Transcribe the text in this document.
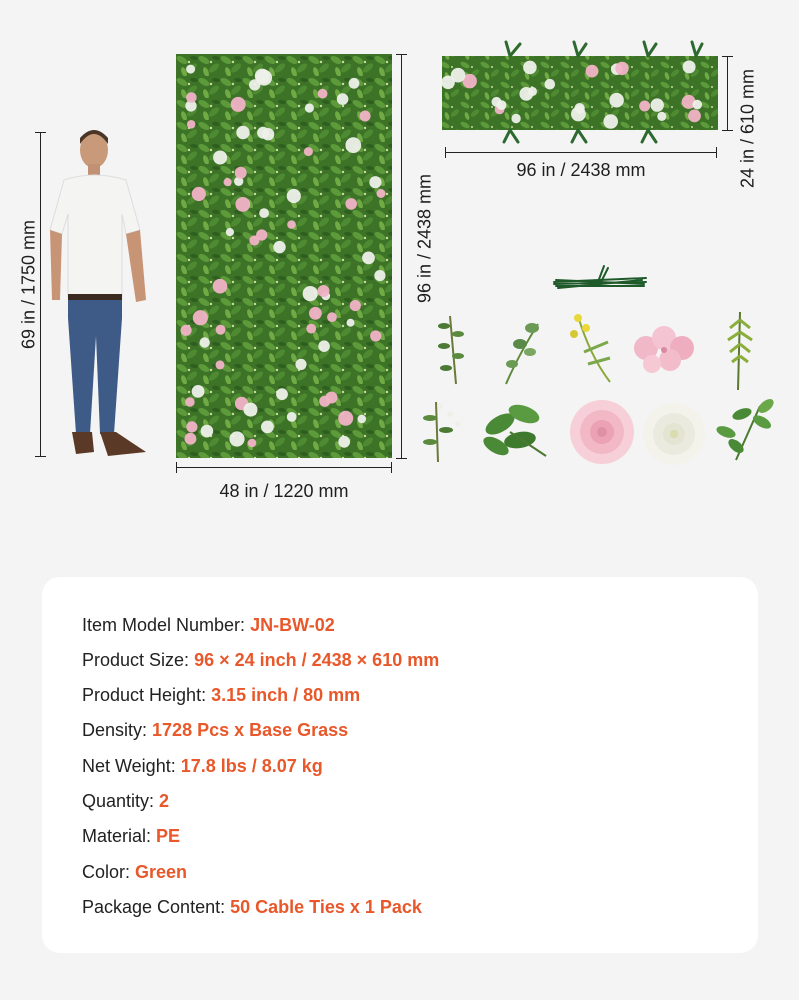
69 in / 1750 mm	96 in / 2438 mm
48 in / 1220 mm
96 in / 2438 mm	24 in / 610 mm
Item Model Number: JN-BW-02
Product Size: 96 × 24 inch / 2438 × 610 mm
Product Height: 3.15 inch / 80 mm
Density: 1728 Pcs x Base Grass
Net Weight: 17.8 lbs / 8.07 kg
Quantity: 2
Material: PE
Color: Green
Package Content: 50 Cable Ties x 1 Pack
